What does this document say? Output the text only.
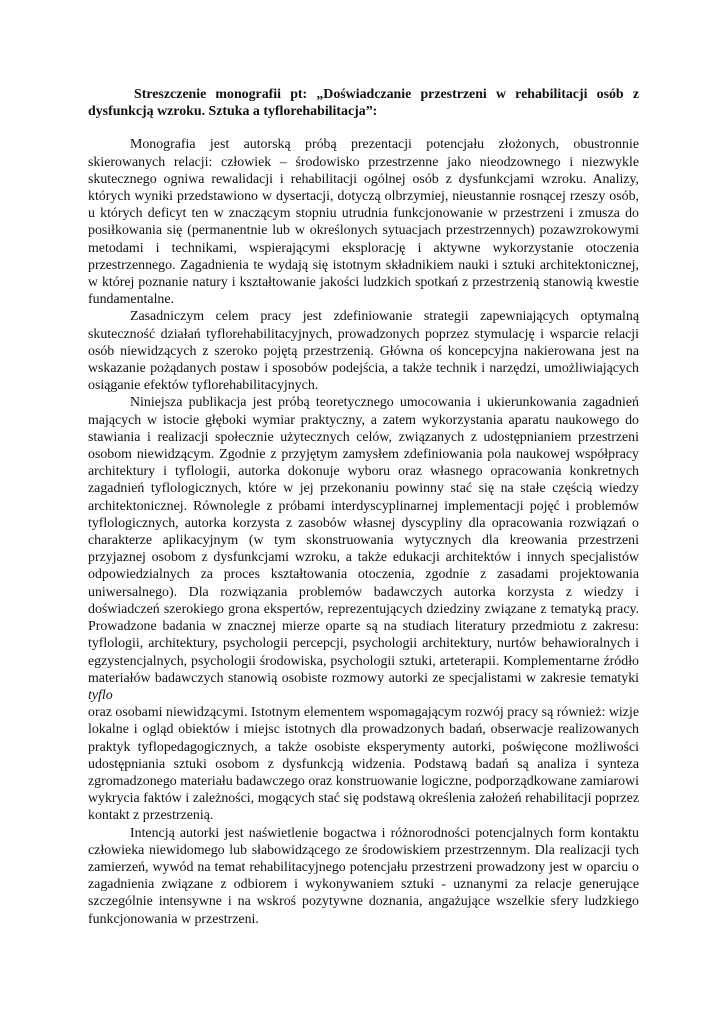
Streszczenie monografii pt: „Doświadczanie przestrzeni w rehabilitacji osób z dysfunkcją wzroku. Sztuka a tyflorehabilitacja”:

Monografia jest autorską próbą prezentacji potencjału złożonych, obustronnie skierowanych relacji: człowiek – środowisko przestrzenne jako nieodzownego i niezwykle skutecznego ogniwa rewalidacji i rehabilitacji ogólnej osób z dysfunkcjami wzroku. Analizy, których wyniki przedstawiono w dysertacji, dotyczą olbrzymiej, nieustannie rosnącej rzeszy osób, u których deficyt ten w znaczącym stopniu utrudnia funkcjonowanie w przestrzeni i zmusza do posiłkowania się (permanentnie lub w określonych sytuacjach przestrzennych) pozawzrokowymi metodami i technikami, wspierającymi eksplorację i aktywne wykorzystanie otoczenia przestrzennego. Zagadnienia te wydają się istotnym składnikiem nauki i sztuki architektonicznej, w której poznanie natury i kształtowanie jakości ludzkich spotkań z przestrzenią stanowią kwestie fundamentalne.

Zasadniczym celem pracy jest zdefiniowanie strategii zapewniających optymalną skuteczność działań tyflorehabilitacyjnych, prowadzonych poprzez stymulację i wsparcie relacji osób niewidzących z szeroko pojętą przestrzenią. Główna oś koncepcyjna nakierowana jest na wskazanie pożądanych postaw i sposobów podejścia, a także technik i narzędzi, umożliwiających osiąganie efektów tyflorehabilitacyjnych.

Niniejsza publikacja jest próbą teoretycznego umocowania i ukierunkowania zagadnień mających w istocie głęboki wymiar praktyczny, a zatem wykorzystania aparatu naukowego do stawiania i realizacji społecznie użytecznych celów, związanych z udostępnianiem przestrzeni osobom niewidzącym. Zgodnie z przyjętym zamysłem zdefiniowania pola naukowej współpracy architektury i tyflologii, autorka dokonuje wyboru oraz własnego opracowania konkretnych zagadnień tyflologicznych, które w jej przekonaniu powinny stać się na stałe częścią wiedzy architektonicznej. Równolegle z próbami interdyscyplinarnej implementacji pojęć i problemów tyflologicznych, autorka korzysta z zasobów własnej dyscypliny dla opracowania rozwiązań o charakterze aplikacyjnym (w tym skonstruowania wytycznych dla kreowania przestrzeni przyjaznej osobom z dysfunkcjami wzroku, a także edukacji architektów i innych specjalistów odpowiedzialnych za proces kształtowania otoczenia, zgodnie z zasadami projektowania uniwersalnego). Dla rozwiązania problemów badawczych autorka korzysta z wiedzy i doświadczeń szerokiego grona ekspertów, reprezentujących dziedziny związane z tematyką pracy. Prowadzone badania w znacznej mierze oparte są na studiach literatury przedmiotu z zakresu: tyflologii, architektury, psychologii percepcji, psychologii architektury, nurtów behawioralnych i egzystencjalnych, psychologii środowiska, psychologii sztuki, arteterapii. Komplementarne źródło materiałów badawczych stanowią osobiste rozmowy autorki ze specjalistami w zakresie tematyki tyflo
oraz osobami niewidzącymi. Istotnym elementem wspomagającym rozwój pracy są również: wizje lokalne i ogląd obiektów i miejsc istotnych dla prowadzonych badań, obserwacje realizowanych praktyk tyflopedagogicznych, a także osobiste eksperymenty autorki, poświęcone możliwości udostępniania sztuki osobom z dysfunkcją widzenia. Podstawą badań są analiza i synteza zgromadzonego materiału badawczego oraz konstruowanie logiczne, podporządkowane zamiarowi wykrycia faktów i zależności, mogących stać się podstawą określenia założeń rehabilitacji poprzez kontakt z przestrzenią.

Intencją autorki jest naświetlenie bogactwa i różnorodności potencjalnych form kontaktu człowieka niewidomego lub słabowidzącego ze środowiskiem przestrzennym. Dla realizacji tych zamierzeń, wywód na temat rehabilitacyjnego potencjału przestrzeni prowadzony jest w oparciu o zagadnienia związane z odbiorem i wykonywaniem sztuki - uznanymi za relacje generujące szczególnie intensywne i na wskroś pozytywne doznania, angażujące wszelkie sfery ludzkiego funkcjonowania w przestrzeni.
